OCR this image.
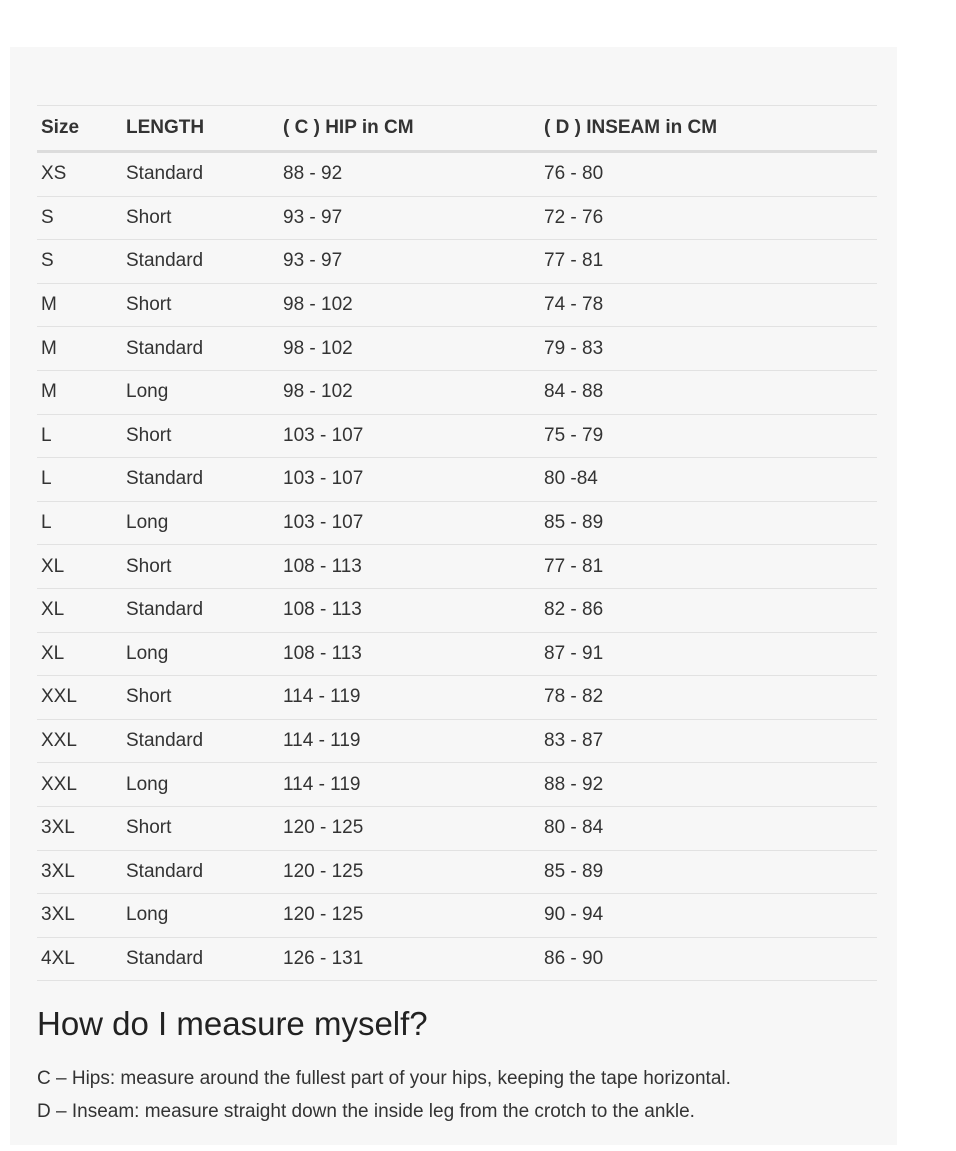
Size	LENGTH	( C ) HIP in CM	( D ) INSEAM in CM
XS	Standard	88 - 92	76 - 80
S	Short	93 - 97	72 - 76
S	Standard	93 - 97	77 - 81
M	Short	98 - 102	74 - 78
M	Standard	98 - 102	79 - 83
M	Long	98 - 102	84 - 88
L	Short	103 - 107	75 - 79
L	Standard	103 - 107	80 -84
L	Long	103 - 107	85 - 89
XL	Short	108 - 113	77 - 81
XL	Standard	108 - 113	82 - 86
XL	Long	108 - 113	87 - 91
XXL	Short	114 - 119	78 - 82
XXL	Standard	114 - 119	83 - 87
XXL	Long	114 - 119	88 - 92
3XL	Short	120 - 125	80 - 84
3XL	Standard	120 - 125	85 - 89
3XL	Long	120 - 125	90 - 94
4XL	Standard	126 - 131	86 - 90
How do I measure myself?

C – Hips: measure around the fullest part of your hips, keeping the tape horizontal.

D – Inseam: measure straight down the inside leg from the crotch to the ankle.
